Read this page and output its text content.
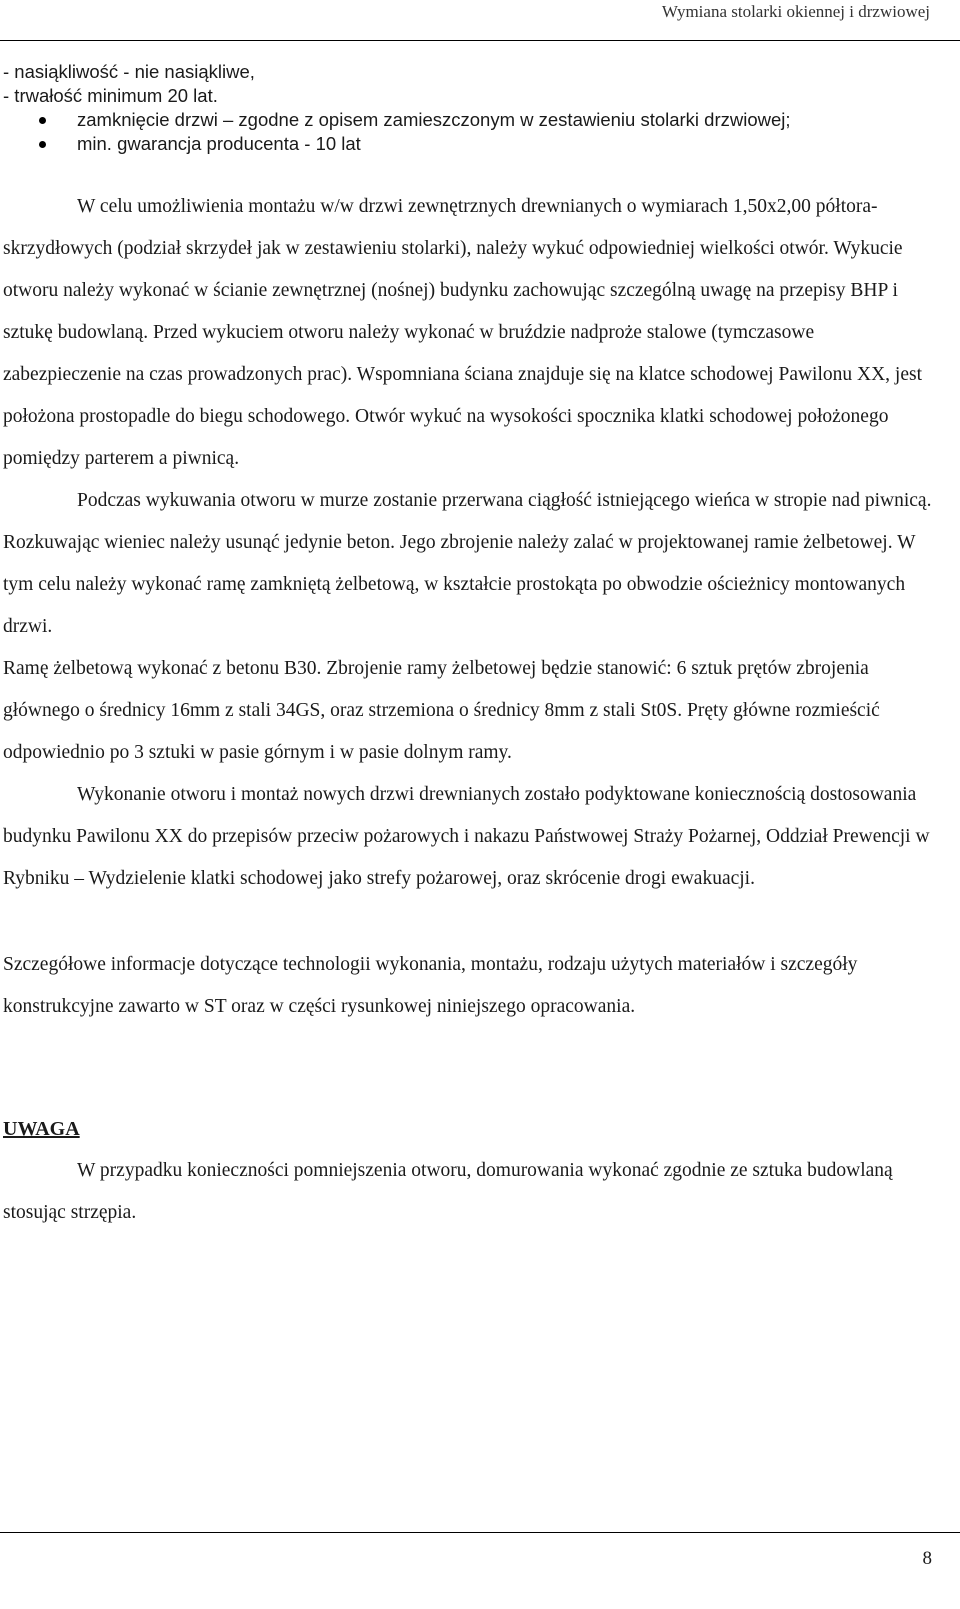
Wymiana stolarki okiennej i drzwiowej
- nasiąkliwość - nie nasiąkliwe,
- trwałość minimum 20 lat.
zamknięcie drzwi – zgodne z opisem zamieszczonym w zestawieniu stolarki drzwiowej;
min. gwarancja producenta - 10 lat

W celu umożliwienia montażu w/w drzwi zewnętrznych drewnianych o wymiarach 1,50x2,00 półtora-skrzydłowych (podział skrzydeł jak w zestawieniu stolarki), należy wykuć odpowiedniej wielkości otwór. Wykucie otworu należy wykonać w ścianie zewnętrznej (nośnej) budynku zachowując szczególną uwagę na przepisy BHP i sztukę budowlaną. Przed wykuciem otworu należy wykonać w bruździe nadproże stalowe (tymczasowe zabezpieczenie na czas prowadzonych prac). Wspomniana ściana znajduje się na klatce schodowej Pawilonu XX, jest położona prostopadle do biegu schodowego. Otwór wykuć na wysokości spocznika klatki schodowej położonego pomiędzy parterem a piwnicą.

Podczas wykuwania otworu w murze zostanie przerwana ciągłość istniejącego wieńca w stropie nad piwnicą. Rozkuwając wieniec należy usunąć jedynie beton. Jego zbrojenie należy zalać w projektowanej ramie żelbetowej. W tym celu należy wykonać ramę zamkniętą żelbetową, w kształcie prostokąta po obwodzie ościeżnicy montowanych drzwi.

Ramę żelbetową wykonać z betonu B30. Zbrojenie ramy żelbetowej będzie stanowić: 6 sztuk prętów zbrojenia głównego o średnicy 16mm z stali 34GS, oraz strzemiona o średnicy 8mm z stali St0S. Pręty główne rozmieścić odpowiednio po 3 sztuki w pasie górnym i w pasie dolnym ramy.

Wykonanie otworu i montaż nowych drzwi drewnianych zostało podyktowane koniecznością dostosowania budynku Pawilonu XX do przepisów przeciw pożarowych i nakazu Państwowej Straży Pożarnej, Oddział Prewencji w Rybniku – Wydzielenie klatki schodowej jako strefy pożarowej, oraz skrócenie drogi ewakuacji.

Szczegółowe informacje dotyczące technologii wykonania, montażu, rodzaju użytych materiałów i szczegóły konstrukcyjne zawarto w ST oraz w części rysunkowej niniejszego opracowania.

UWAGA

W przypadku konieczności pomniejszenia otworu, domurowania wykonać zgodnie ze sztuka budowlaną stosując strzępia.

8
